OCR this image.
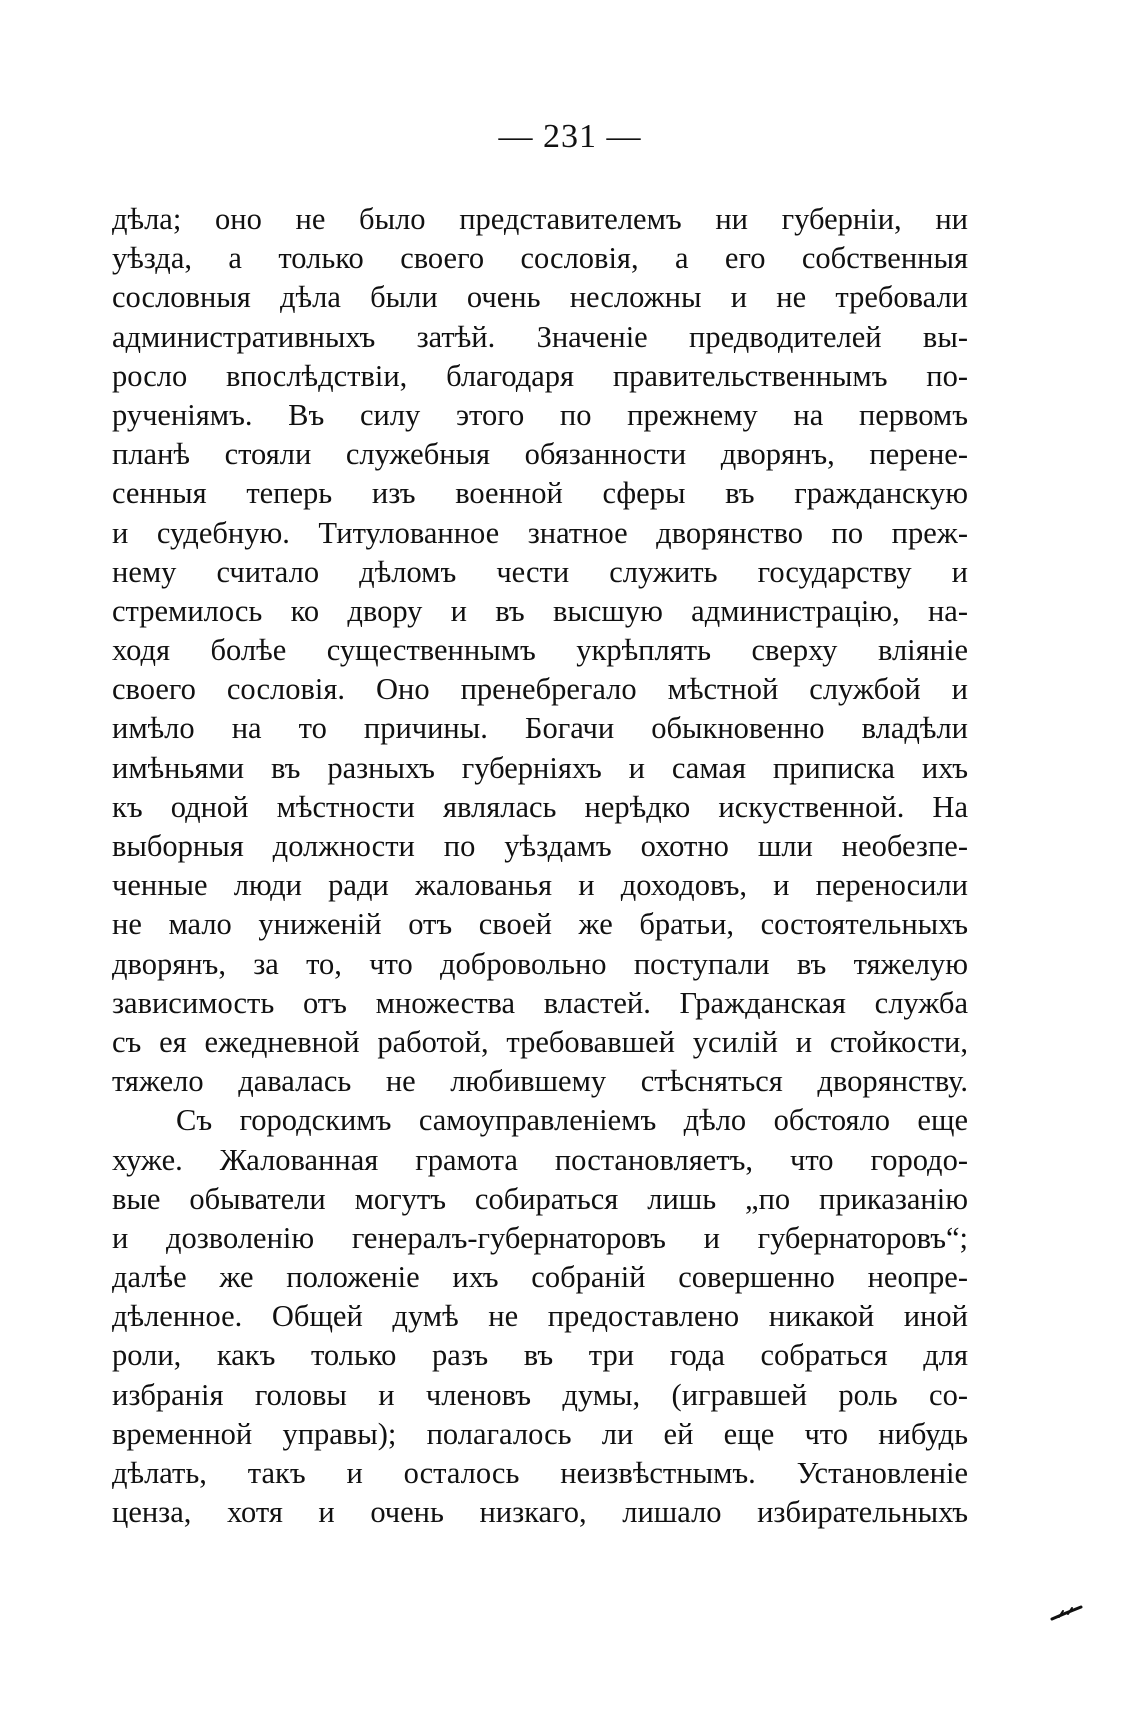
— 231 —
дѣла; оно не было представителемъ ни губерніи, ни
уѣзда, а только своего сословія, а его собственныя
сословныя дѣла были очень несложны и не требовали
административныхъ затѣй. Значеніе предводителей вы-
росло впослѣдствіи, благодаря правительственнымъ по-
рученіямъ. Въ силу этого по прежнему на первомъ
планѣ стояли служебныя обязанности дворянъ, перене-
сенныя теперь изъ военной сферы въ гражданскую
и судебную. Титулованное знатное дворянство по преж-
нему считало дѣломъ чести служить государству и
стремилось ко двору и въ высшую администрацію, на-
ходя болѣе существеннымъ укрѣплять сверху вліяніе
своего сословія. Оно пренебрегало мѣстной службой и
имѣло на то причины. Богачи обыкновенно владѣли
имѣньями въ разныхъ губерніяхъ и самая приписка ихъ
къ одной мѣстности являлась нерѣдко искуственной. На
выборныя должности по уѣздамъ охотно шли необезпе-
ченные люди ради жалованья и доходовъ, и переносили
не мало униженій отъ своей же братьи, состоятельныхъ
дворянъ, за то, что добровольно поступали въ тяжелую
зависимость отъ множества властей. Гражданская служба
съ ея ежедневной работой, требовавшей усилій и стойкости,
тяжело давалась не любившему стѣсняться дворянству.
Съ городскимъ самоуправленіемъ дѣло обстояло еще
хуже. Жалованная грамота постановляетъ, что городо-
вые обыватели могутъ собираться лишь „по приказанію
и дозволенію генералъ-губернаторовъ и губернаторовъ“;
далѣе же положеніе ихъ собраній совершенно неопре-
дѣленное. Общей думѣ не предоставлено никакой иной
роли, какъ только разъ въ три года собраться для
избранія головы и членовъ думы, (игравшей роль со-
временной управы); полагалось ли ей еще что нибудь
дѣлать, такъ и осталось неизвѣстнымъ. Установленіе
ценза, хотя и очень низкаго, лишало избирательныхъ
